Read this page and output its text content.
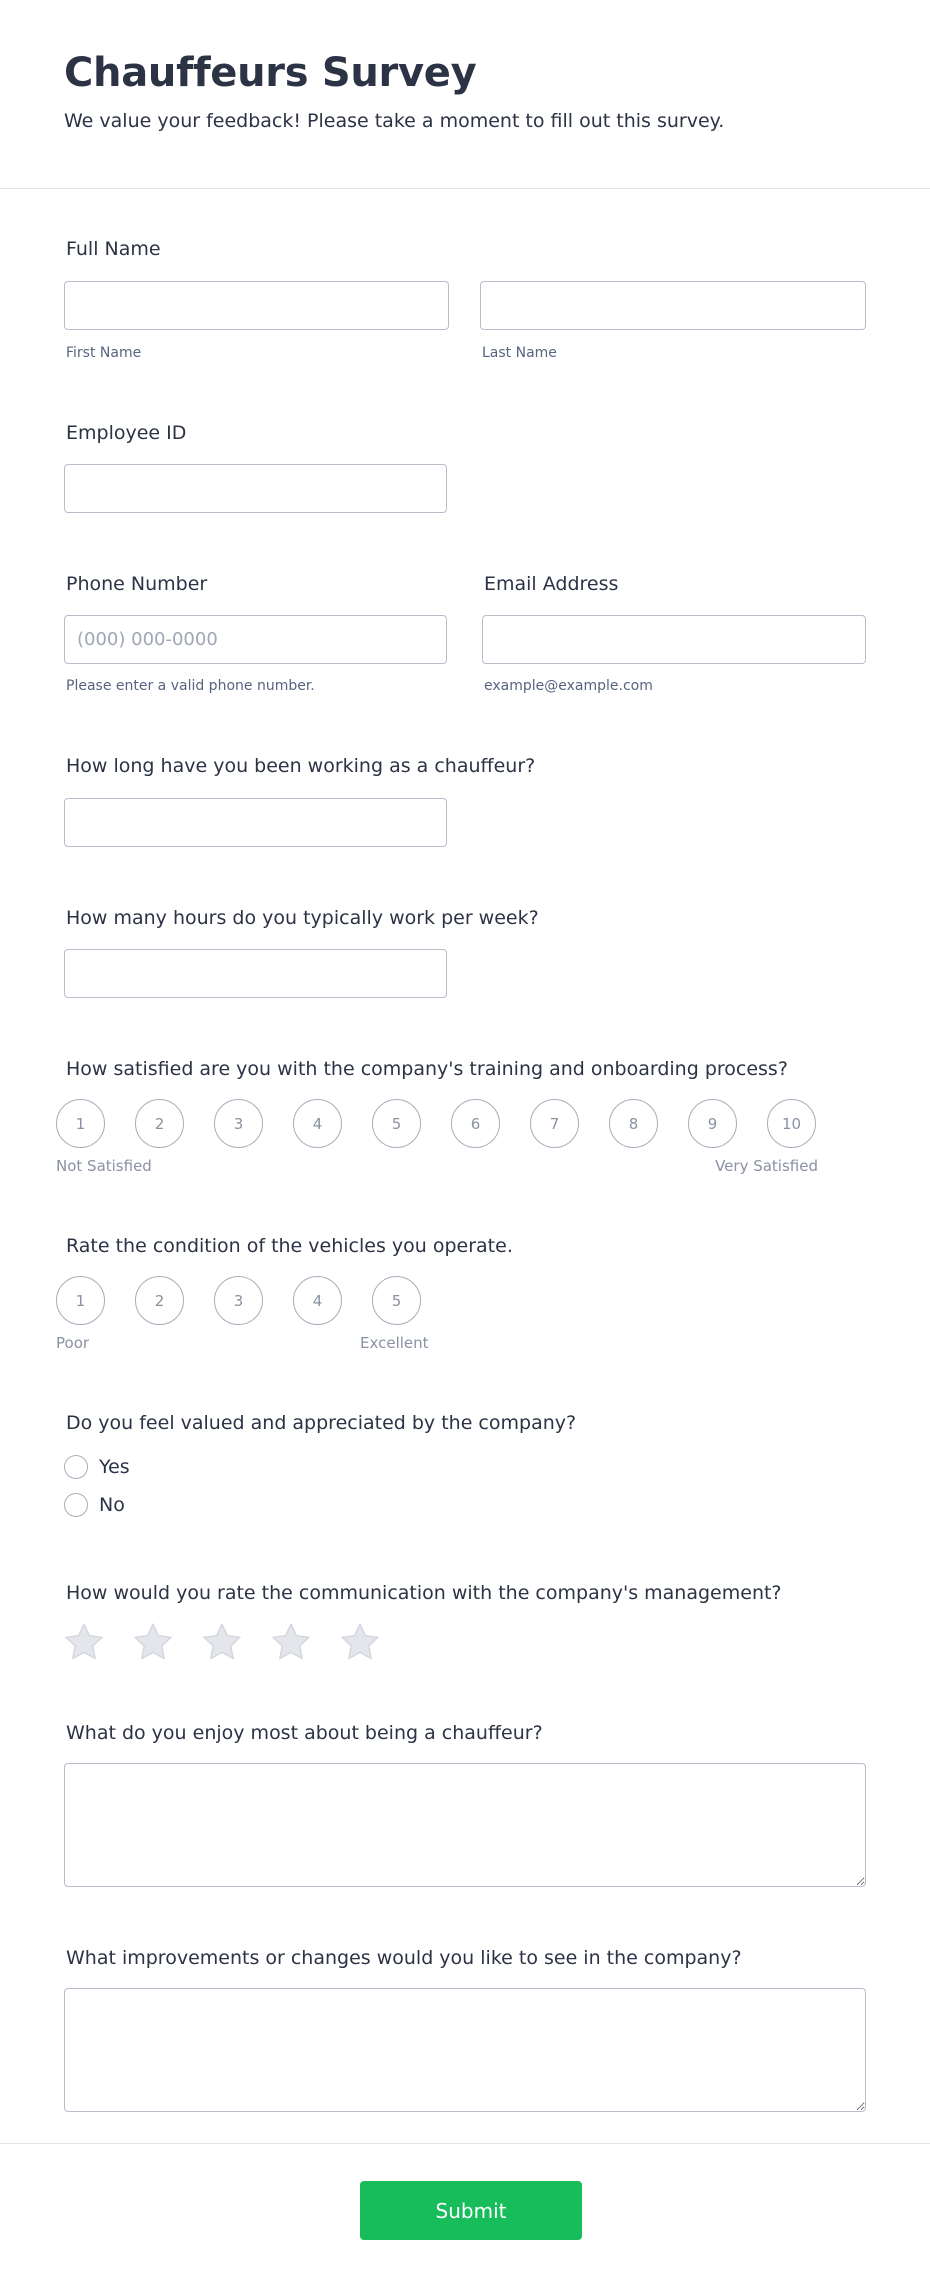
Chauffeurs Survey

We value your feedback! Please take a moment to fill out this survey.

Full Name
First Name	Last Name
Employee ID
Phone Number
(000) 000-0000
Please enter a valid phone number.
Email Address
example@example.com
How long have you been working as a chauffeur?
How many hours do you typically work per week?
How satisfied are you with the company's training and onboarding process?
1	2	3	4	5	6	7	8	9	10
Not Satisfied	Very Satisfied
Rate the condition of the vehicles you operate.
1	2	3	4	5
Poor	Excellent
Do you feel valued and appreciated by the company?
Yes
No
How would you rate the communication with the company's management?
What do you enjoy most about being a chauffeur?
What improvements or changes would you like to see in the company?
Submit
